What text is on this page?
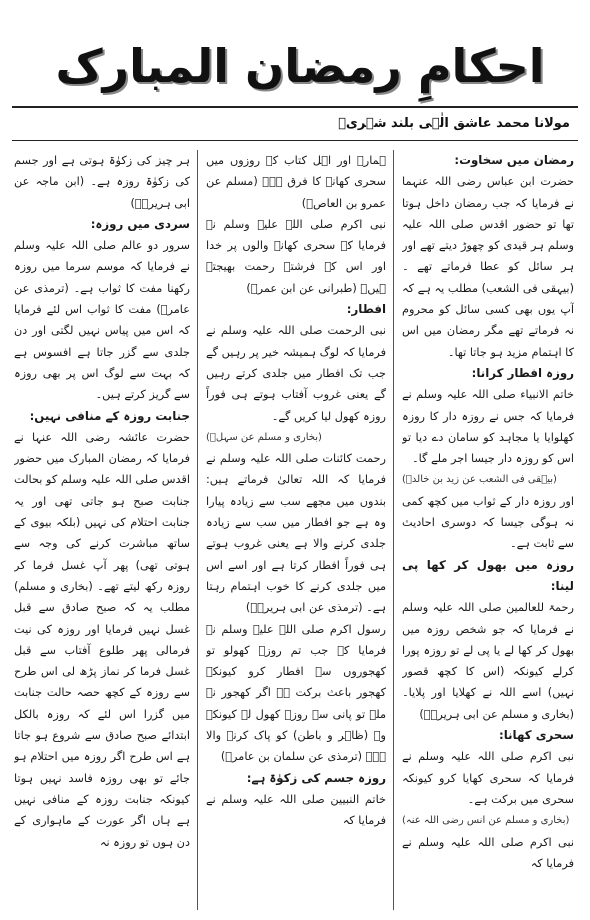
احکامِ رمضان المبارک
مولانا محمد عاشق الٰہی بلند شہریؒ

رمضان میں سخاوت:

حضرت ابن عباس رضی اللہ عنہما نے فرمایا کہ جب رمضان داخل ہوتا تھا تو حضور اقدس صلی اللہ علیہ وسلم ہر قیدی کو چھوڑ دیتے تھے اور ہر سائل کو عطا فرماتے تھے ۔ (بیہقی فی الشعب) مطلب یہ ہے کہ آپ یوں بھی کسی سائل کو محروم نہ فرماتے تھے مگر رمضان میں اس کا اہتمام مزید ہو جاتا تھا۔

روزہ افطار کرانا:

خاتم الانبیاء صلی اللہ علیہ وسلم نے فرمایا کہ جس نے روزہ دار کا روزہ کھلوایا یا مجاہد کو سامان دے دیا تو اس کو روزہ دار جیسا اجر ملے گا۔

(بیہقی فی الشعب عن زید بن خالدؓ)

اور روزہ دار کے ثواب میں کچھ کمی نہ ہوگی جیسا کہ دوسری احادیث سے ثابت ہے۔

روزہ میں بھول کر کھا پی لینا:

رحمۃ للعالمین صلی اللہ علیہ وسلم نے فرمایا کہ جو شخص روزہ میں بھول کر کھا لے یا پی لے تو روزہ پورا کرلے کیونکہ (اس کا کچھ قصور نہیں) اسے اللہ نے کھلایا اور پلایا۔ (بخاری و مسلم عن ابی ہریرہؓ)

سحری کھانا:

نبی اکرم صلی اللہ علیہ وسلم نے فرمایا کہ سحری کھایا کرو کیونکہ سحری میں برکت ہے۔

(بخاری و مسلم عن انس رضی اللہ عنہ)

نبی اکرم صلی اللہ علیہ وسلم نے فرمایا کہ

ہمارے اور اہل کتاب کے روزوں میں سحری کھانے کا فرق ہے۔ (مسلم عن عمرو بن العاصؓ)

نبی اکرم صلی اللہ علیہ وسلم نے فرمایا کہ سحری کھانے والوں پر خدا اور اس کے فرشتے رحمت بھیجتے ہیں۔ (طبرانی عن ابن عمرؓ)

افطار:

نبی الرحمت صلی اللہ علیہ وسلم نے فرمایا کہ لوگ ہمیشہ خیر پر رہیں گے جب تک افطار میں جلدی کرتے رہیں گے یعنی غروب آفتاب ہوتے ہی فوراً روزہ کھول لیا کریں گے۔

(بخاری و مسلم عن سہلؓ)

رحمت کائنات صلی اللہ علیہ وسلم نے فرمایا کہ اللہ تعالیٰ فرماتے ہیں: بندوں میں مجھے سب سے زیادہ پیارا وہ ہے جو افطار میں سب سے زیادہ جلدی کرنے والا ہے یعنی غروب ہوتے ہی فوراً افطار کرتا ہے اور اسے اس میں جلدی کرنے کا خوب اہتمام رہتا ہے۔ (ترمذی عن ابی ہریرہؓ)

رسول اکرم صلی اللہ علیہ وسلم نے فرمایا کہ جب تم روزہ کھولو تو کھجوروں سے افطار کرو کیونکہ کھجور باعث برکت ہے اگر کھجور نہ ملے تو پانی سے روزہ کھول لے کیونکہ وہ (ظاہر و باطن) کو پاک کرنے والا ہے۔ (ترمذی عن سلمان بن عامرؓ)

روزہ جسم کی زکوٰۃ ہے:

خاتم النبیین صلی اللہ علیہ وسلم نے فرمایا کہ

ہر چیز کی زکوٰۃ ہوتی ہے اور جسم کی زکوٰۃ روزہ ہے۔ (ابن ماجہ عن ابی ہریرہؓ)

سردی میں روزہ:

سرور دو عالم صلی اللہ علیہ وسلم نے فرمایا کہ موسم سرما میں روزہ رکھنا مفت کا ثواب ہے۔ (ترمذی عن عامرؓ) مفت کا ثواب اس لئے فرمایا کہ اس میں پیاس نہیں لگتی اور دن جلدی سے گزر جاتا ہے افسوس ہے کہ بہت سے لوگ اس پر بھی روزہ سے گریز کرتے ہیں۔

جنابت روزہ کے منافی نہیں:

حضرت عائشہ رضی اللہ عنہا نے فرمایا کہ رمضان المبارک میں حضور اقدس صلی اللہ علیہ وسلم کو بحالت جنابت صبح ہو جاتی تھی اور یہ جنابت احتلام کی نہیں (بلکہ بیوی کے ساتھ مباشرت کرنے کی وجہ سے ہوتی تھی) پھر آپ غسل فرما کر روزہ رکھ لیتے تھے۔ (بخاری و مسلم) مطلب یہ کہ صبح صادق سے قبل غسل نہیں فرمایا اور روزہ کی نیت فرمالی پھر طلوع آفتاب سے قبل غسل فرما کر نماز پڑھ لی اس طرح سے روزہ کے کچھ حصہ حالت جنابت میں گزرا اس لئے کہ روزہ بالکل ابتدائے صبح صادق سے شروع ہو جاتا ہے اس طرح اگر روزہ میں احتلام ہو جائے تو بھی روزہ فاسد نہیں ہوتا کیونکہ جنابت روزہ کے منافی نہیں ہے ہاں اگر عورت کے ماہواری کے دن ہوں تو روزہ نہ
